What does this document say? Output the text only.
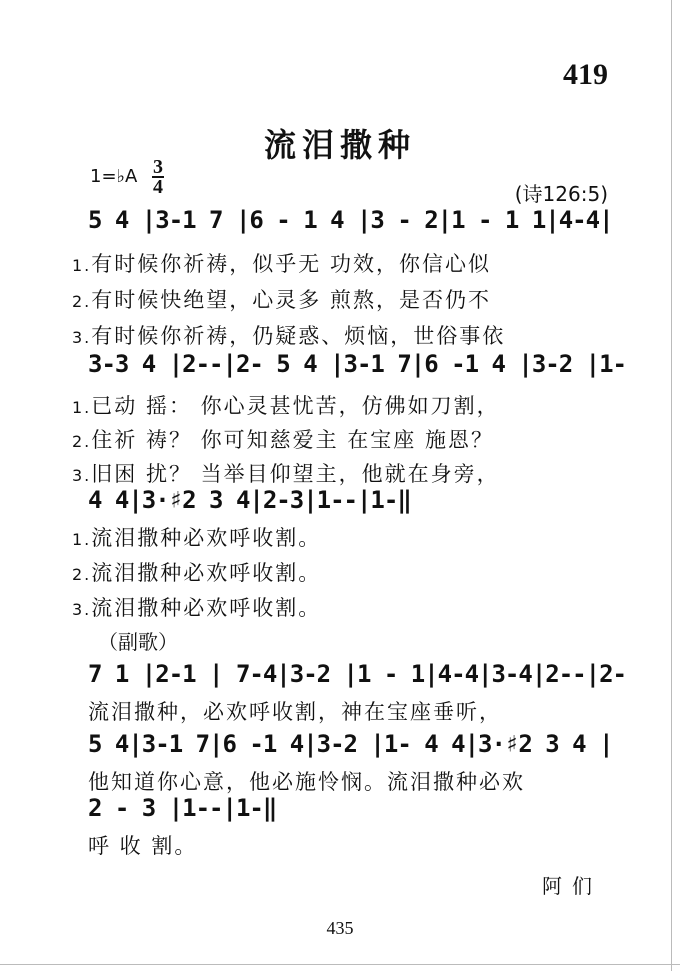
419
流泪撒种
1=♭A 3
4	(诗126:5)
5 4 |3-1 7 |6 - 1 4 |3 - 2|1 - 1 1|4-4|
1.有时候你祈祷，似乎无 功效，你信心似
2.有时候快绝望，心灵多 煎熬，是否仍不
3.有时候你祈祷，仍疑惑、烦恼，世俗事依
3-3 4 |2--|2- 5 4 |3-1 7|6 -1 4 |3-2 |1-
1.已动 摇： 你心灵甚忧苦，仿佛如刀割，
2.住祈 祷？ 你可知慈爱主 在宝座 施恩？
3.旧困 扰？ 当举目仰望主，他就在身旁，
4 4|3·♯2 3 4|2-3|1--|1-‖
1.流泪撒种必欢呼收割。
2.流泪撒种必欢呼收割。
3.流泪撒种必欢呼收割。
（副歌）
7 1 |2-1 | 7-4|3-2 |1 - 1|4-4|3-4|2--|2-
流泪撒种，必欢呼收割，神在宝座垂听，
5 4|3-1 7|6 -1 4|3-2 |1- 4 4|3·♯2 3 4 |
他知道你心意，他必施怜悯。流泪撒种必欢
2 - 3 |1--|1-‖
呼 收 割。
阿们
435
